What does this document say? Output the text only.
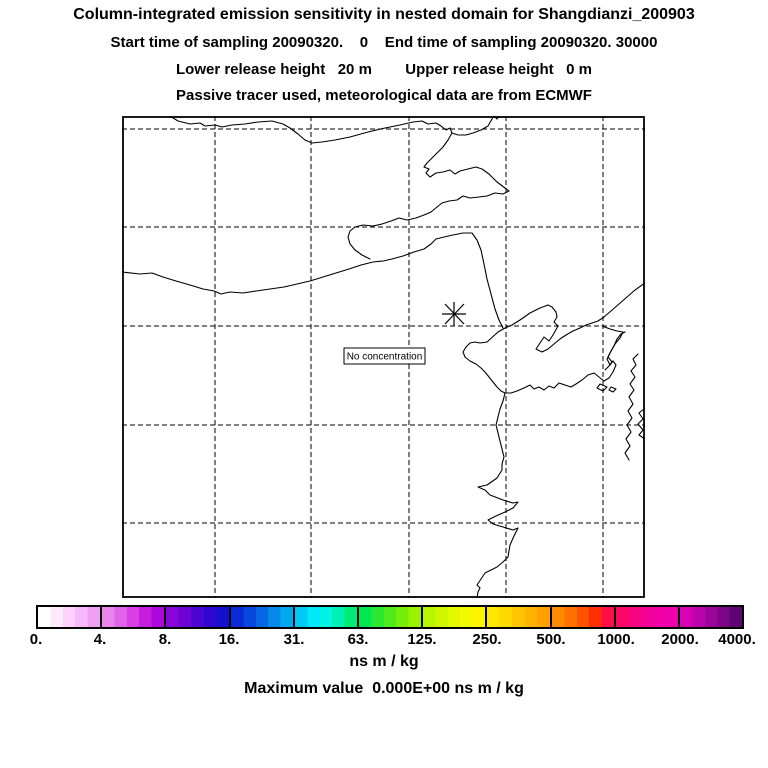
Column-integrated emission sensitivity in nested domain for Shangdianzi_200903
Start time of sampling 20090320.    0    End time of sampling 20090320. 30000
Lower release height   20 m        Upper release height   0 m
Passive tracer used, meteorological data are from ECMWF
No concentration
0.	4.	8.	16.	31.	63.	125. 250. 500. 1000. 2000. 4000.
ns m / kg
Maximum value  0.000E+00 ns m / kg
